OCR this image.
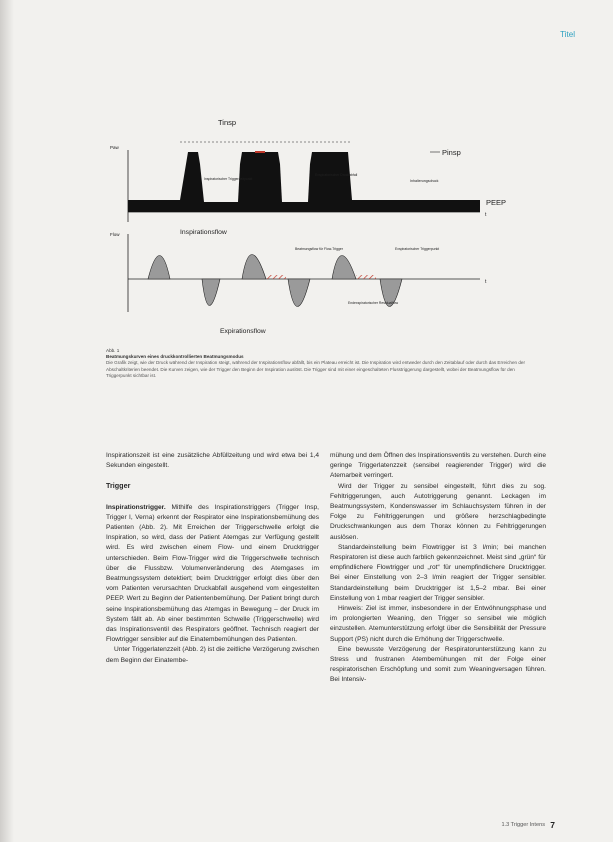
Titel
Paw
Tinsp
Pinsp
Inspiratorischer Triggerzeitpunkt
Exspiratorischer Druckabfall
Inhalierungsdruck
PEEP
Flow	Inspirationsflow
Beatmungsflow für Flow-Trigger	Exspiratorischer Triggerpunkt
Endexspiratorischer Residualflow
Expirationsflow
t
t
Abb. 1
Beatmungskurven eines druckkontrollierten Beatmungsmodus
Die Grafik zeigt, wie der Druck während der Inspiration steigt, während der Inspirationsflow abfällt, bis ein Plateau erreicht ist. Die Inspiration wird entweder durch den Zeitablauf oder durch das Erreichen der Abschaltkriterien beendet. Die Kurven zeigen, wie der Trigger den Beginn der Inspiration auslöst. Die Trigger sind mit einer eingeschalteten Flusstriggerung dargestellt, wobei der Beatmungsflow für den Triggerpunkt sichtbar ist.

Inspirationszeit ist eine zusätzliche Abfüllzeitung und wird etwa bei 1,4 Sekunden eingestellt.

Trigger

Inspirationstrigger. Mithilfe des Inspirationstriggers (Trigger Insp, Trigger I, Verna) erkennt der Respirator eine Inspirationsbemühung des Patienten (Abb. 2). Mit Erreichen der Triggerschwelle erfolgt die Inspiration, so wird, dass der Patient Atemgas zur Verfügung gestellt wird. Es wird zwischen einem Flow- und einem Drucktrigger unterschieden. Beim Flow-Trigger wird die Triggerschwelle technisch über die Flussbzw. Volumenveränderung des Atemgases im Beatmungssystem detektiert; beim Drucktrigger erfolgt dies über den vom Patienten verursachten Druckabfall ausgehend vom eingestellten PEEP. Wert zu Beginn der Patientenbemühung. Der Patient bringt durch seine Inspirationsbemühung das Atemgas in Bewegung – der Druck im System fällt ab. Ab einer bestimmten Schwelle (Triggerschwelle) wird das Inspirationsventil des Respirators geöffnet. Technisch reagiert der Flowtrigger sensibler auf die Einatembemühungen des Patienten.

Unter Triggerlatenzzeit (Abb. 2) ist die zeitliche Verzögerung zwischen dem Beginn der Einatembe-

mühung und dem Öffnen des Inspirationsventils zu verstehen. Durch eine geringe Triggerlatenzzeit (sensibel reagierender Trigger) wird die Atemarbeit verringert.

Wird der Trigger zu sensibel eingestellt, führt dies zu sog. Fehltriggerungen, auch Autotriggerung genannt. Leckagen im Beatmungssystem, Kondenswasser im Schlauchsystem führen in der Folge zu Fehltriggerungen und größere herzschlagbedingte Druckschwankungen aus dem Thorax können zu Fehltriggerungen auslösen.

Standardeinstellung beim Flowtrigger ist 3 l/min; bei manchen Respiratoren ist diese auch farblich gekennzeichnet. Meist sind „grün“ für empfindlichere Flowtrigger und „rot“ für unempfindlichere Drucktrigger. Bei einer Einstellung von 2–3 l/min reagiert der Trigger sensibler. Standardeinstellung beim Drucktrigger ist 1,5–2 mbar. Bei einer Einstellung von 1 mbar reagiert der Trigger sensibler.

Hinweis: Ziel ist immer, insbesondere in der Entwöhnungsphase und im prolongierten Weaning, den Trigger so sensibel wie möglich einzustellen. Atemunterstützung erfolgt über die Sensibilität der Pressure Support (PS) nicht durch die Erhöhung der Triggerschwelle.

Eine bewusste Verzögerung der Respiratorunterstützung kann zu Stress und frustranen Atembemühungen mit der Folge einer respiratorischen Erschöpfung und somit zum Weaningversagen führen. Bei Intensiv-

1.3 Trigger Intens 7
